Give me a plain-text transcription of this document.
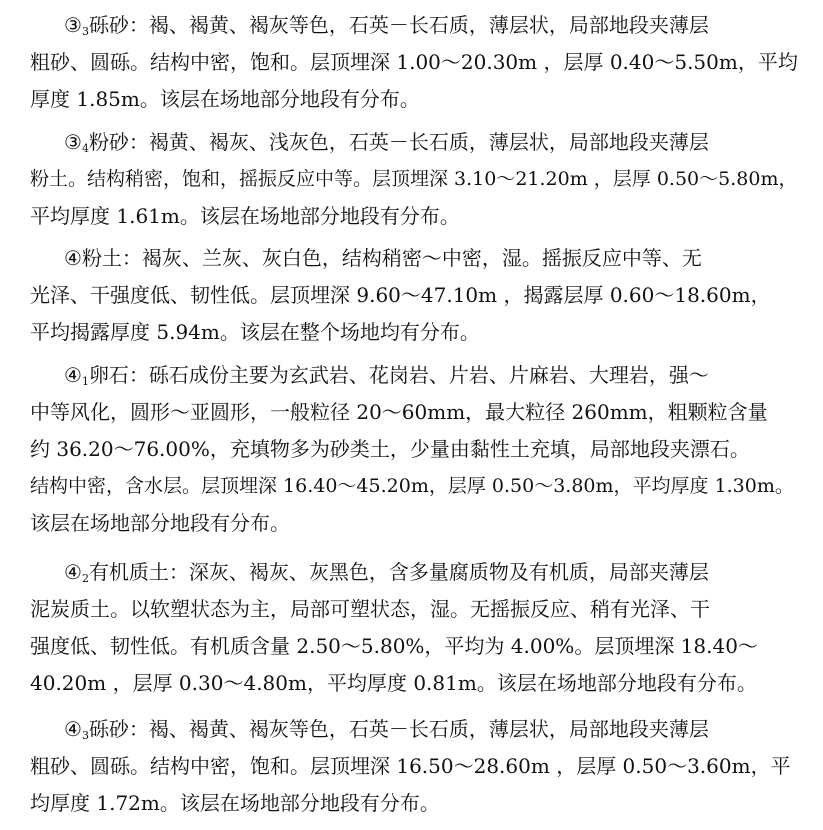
$③_3$砾砂：褐、褐黄、褐灰等色，石英－长石质，薄层状，局部地段夹薄层
粗砂、圆砾。结构中密，饱和。层顶埋深 1.00～20.30m ，层厚 0.40～5.50m，平均
厚度 1.85m。该层在场地部分地段有分布。
$③_4$粉砂：褐黄、褐灰、浅灰色，石英－长石质，薄层状，局部地段夹薄层
粉土。结构稍密，饱和，摇振反应中等。层顶埋深 3.10～21.20m ，层厚 0.50～5.80m，
平均厚度 1.61m。该层在场地部分地段有分布。
④粉土：褐灰、兰灰、灰白色，结构稍密～中密，湿。摇振反应中等、无
光泽、干强度低、韧性低。层顶埋深 9.60～47.10m ，揭露层厚 0.60～18.60m，
平均揭露厚度 5.94m。该层在整个场地均有分布。
$④_1$卵石：砾石成份主要为玄武岩、花岗岩、片岩、片麻岩、大理岩，强～
中等风化，圆形～亚圆形，一般粒径 20～60mm，最大粒径 260mm，粗颗粒含量
约 36.20～76.00%，充填物多为砂类土，少量由黏性土充填，局部地段夹漂石。
结构中密，含水层。层顶埋深 16.40～45.20m，层厚 0.50～3.80m，平均厚度 1.30m。
该层在场地部分地段有分布。
$④_2$有机质土：深灰、褐灰、灰黑色，含多量腐质物及有机质，局部夹薄层
泥炭质土。以软塑状态为主，局部可塑状态，湿。无摇振反应、稍有光泽、干
强度低、韧性低。有机质含量 2.50～5.80%，平均为 4.00%。层顶埋深 18.40～
40.20m ，层厚 0.30～4.80m，平均厚度 0.81m。该层在场地部分地段有分布。
$④_3$砾砂：褐、褐黄、褐灰等色，石英－长石质，薄层状，局部地段夹薄层
粗砂、圆砾。结构中密，饱和。层顶埋深 16.50～28.60m ，层厚 0.50～3.60m，平
均厚度 1.72m。该层在场地部分地段有分布。
